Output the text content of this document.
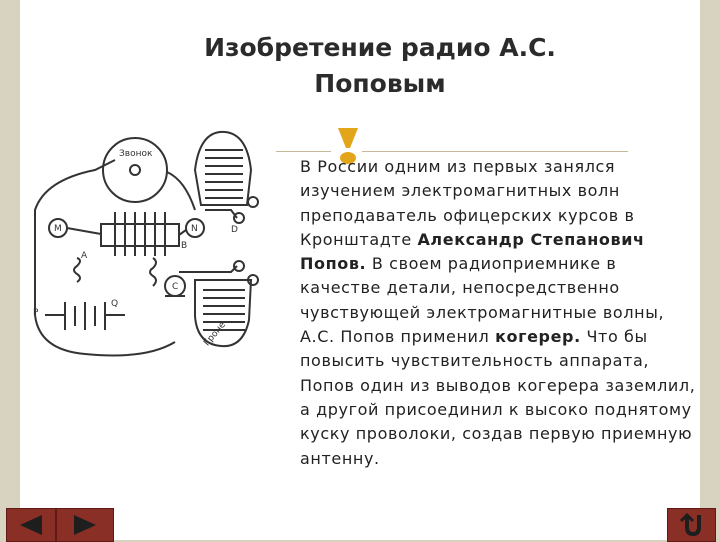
Изобретение радио А.С.
Поповым
Звонок
M	N	D
A
B
C
Q
P
Гроне
В России одним из первых занялся изучением электромагнитных волн преподаватель офицерских курсов в Кронштадте Александр Степанович Попов. В своем радиоприемнике в качестве детали, непосредственно чувствующей электромагнитные волны, А.С. Попов применил когерер. Что бы повысить чувствительность аппарата, Попов один из выводов когерера заземлил, а другой присоединил к высоко поднятому куску проволоки, создав первую приемную антенну.
